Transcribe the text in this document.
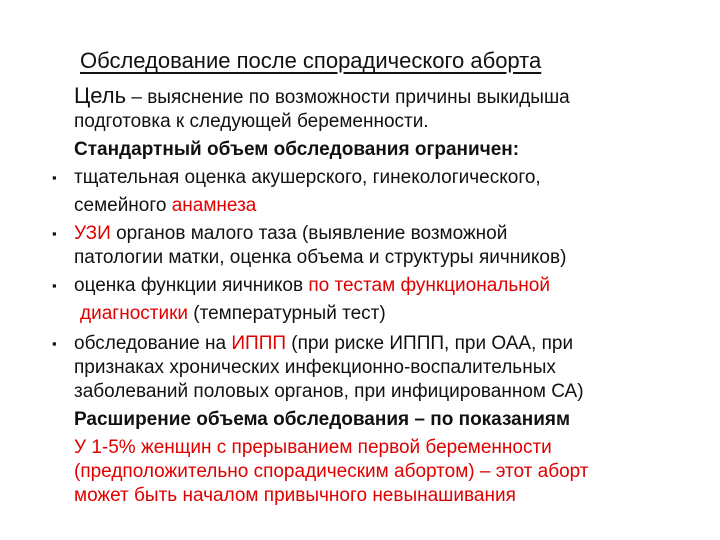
Обследование после спорадического аборта
Цель – выяснение по возможности причины выкидыша
подготовка к следующей беременности.
Стандартный объем обследования ограничен:
▪ тщательная оценка акушерского, гинекологического,
семейного анамнеза
▪ УЗИ органов малого таза (выявление возможной
патологии матки, оценка объема и структуры яичников)
▪ оценка функции яичников по тестам функциональной
диагностики (температурный тест)
▪ обследование на ИППП (при риске ИППП, при ОАА, при
признаках хронических инфекционно-воспалительных
заболеваний половых органов, при инфицированном СА)
Расширение объема обследования – по показаниям
У 1-5% женщин с прерыванием первой беременности
(предположительно спорадическим абортом) – этот аборт
может быть началом привычного невынашивания
